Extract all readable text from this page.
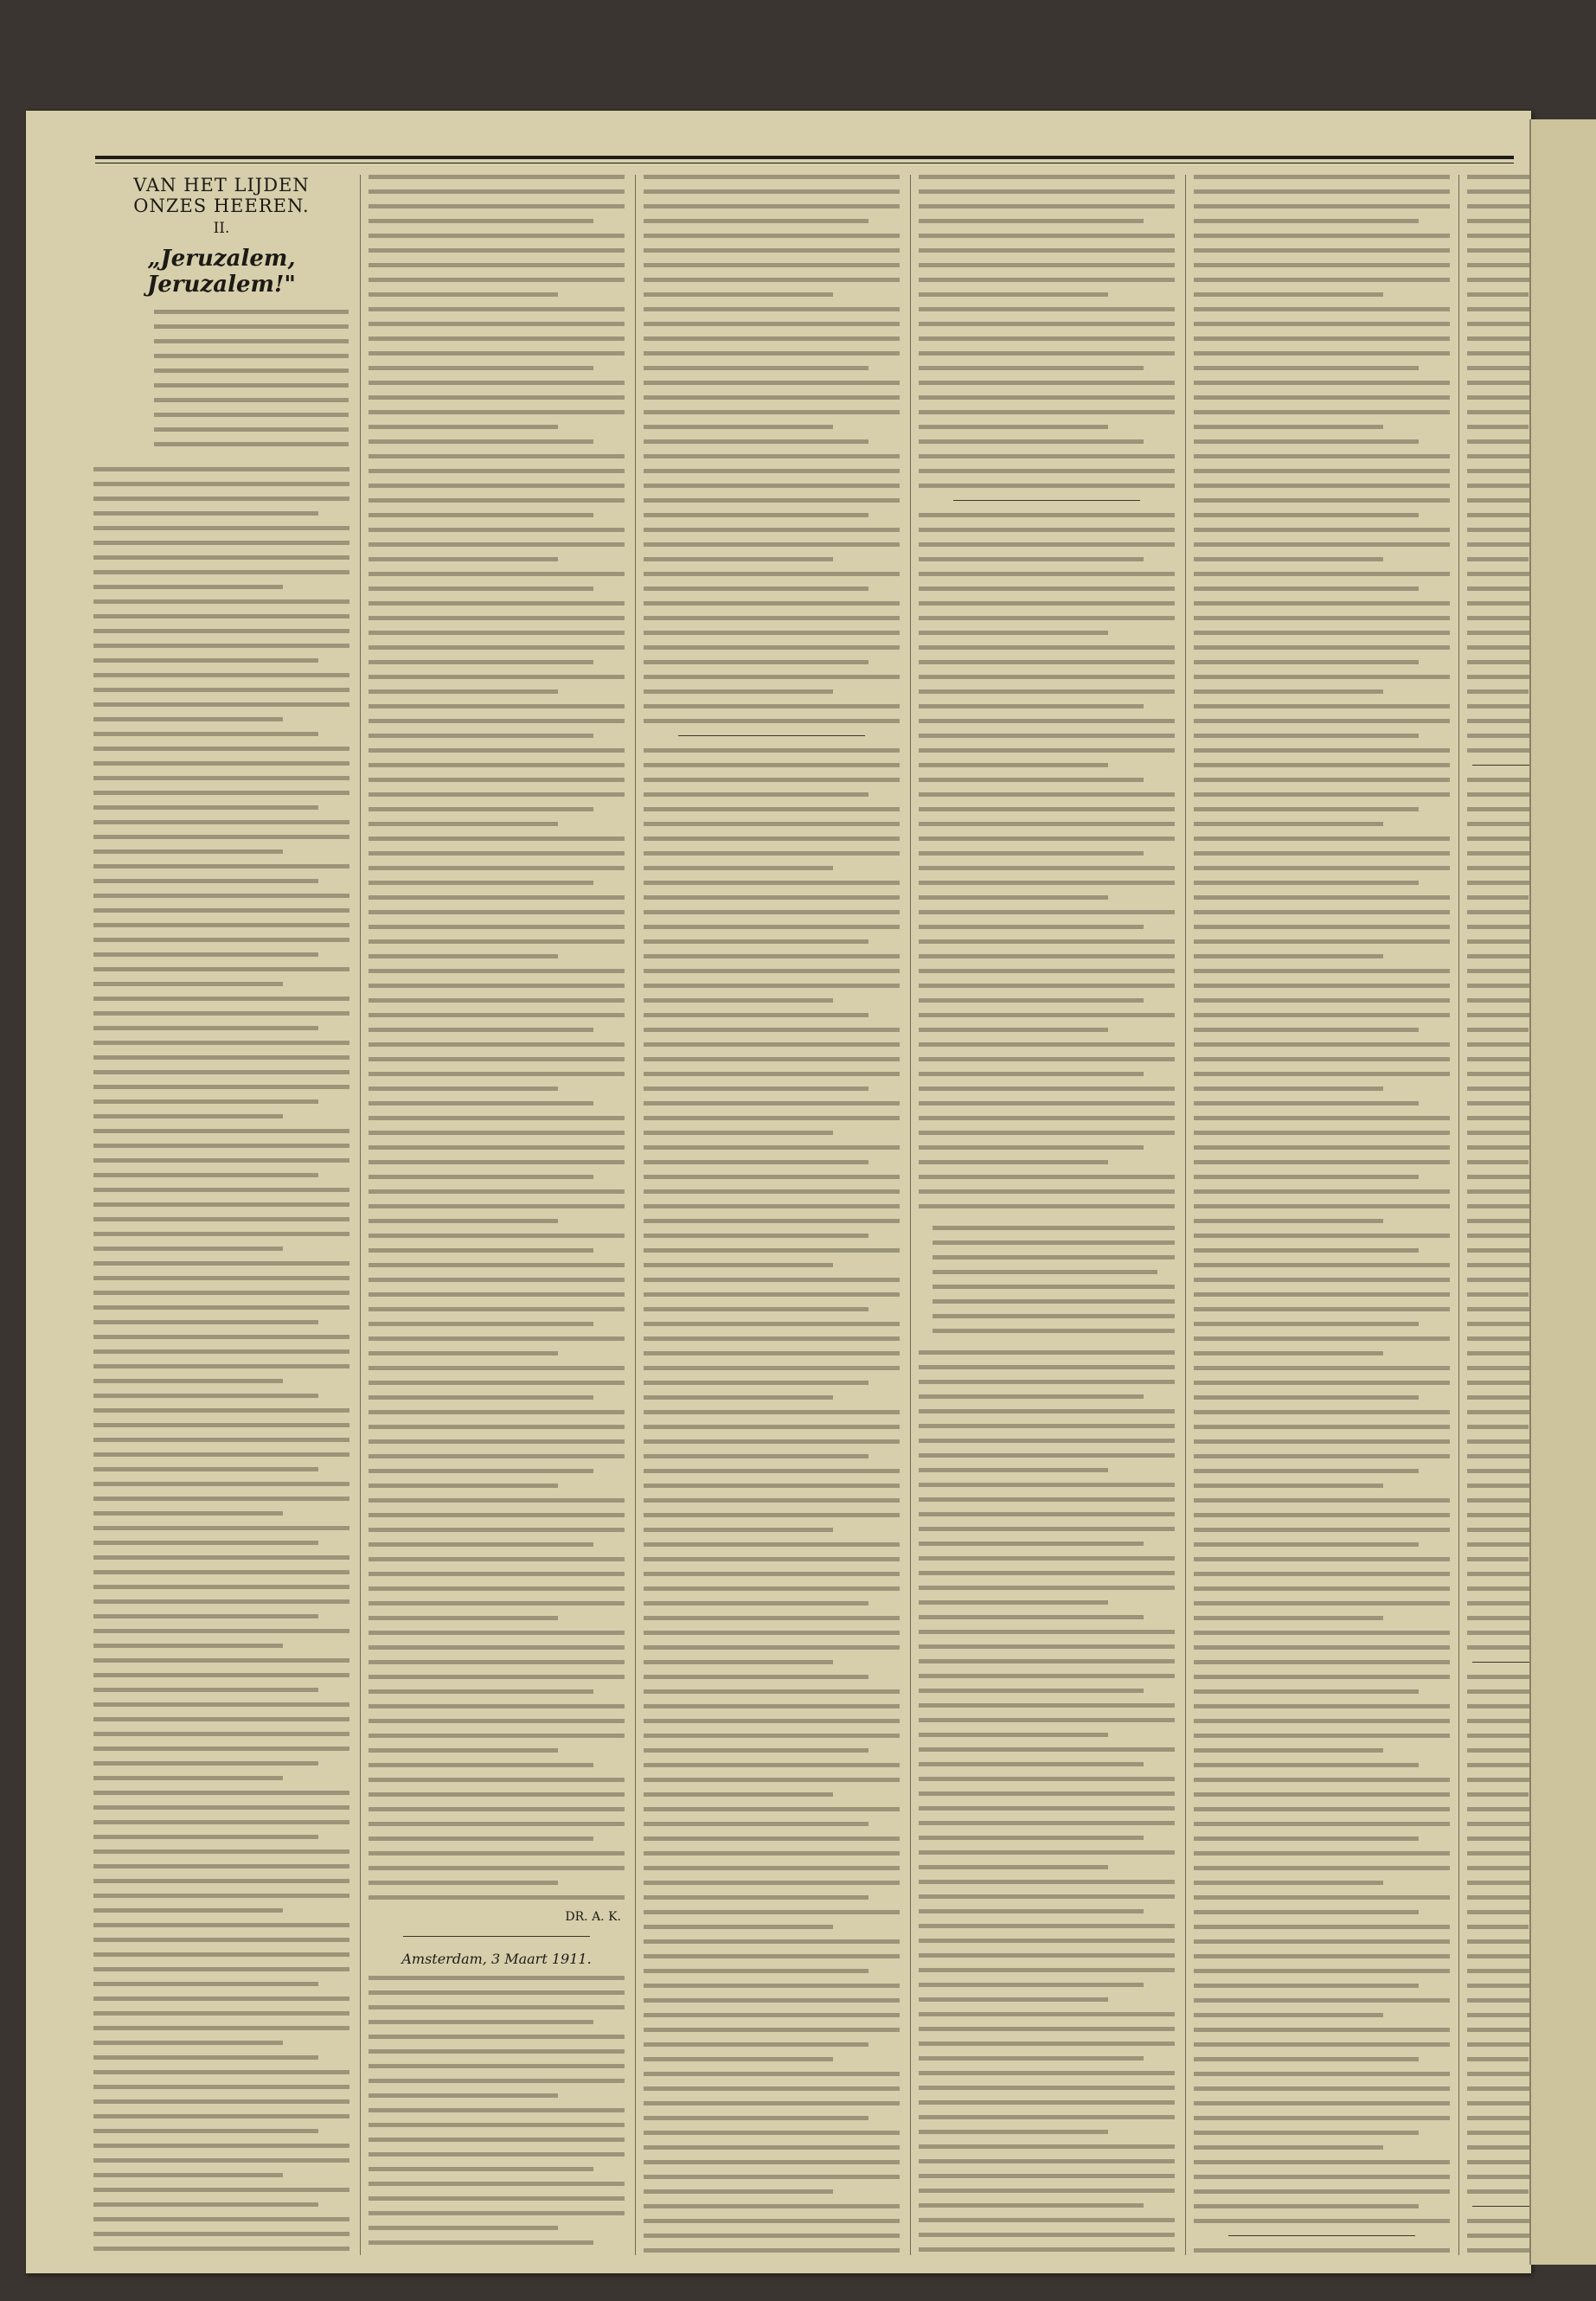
VAN HET LIJDEN ONZES HEEREN.
II.
„Jeruzalem, Jeruzalem!"
DR. A. K.
Amsterdam, 3 Maart 1911.
